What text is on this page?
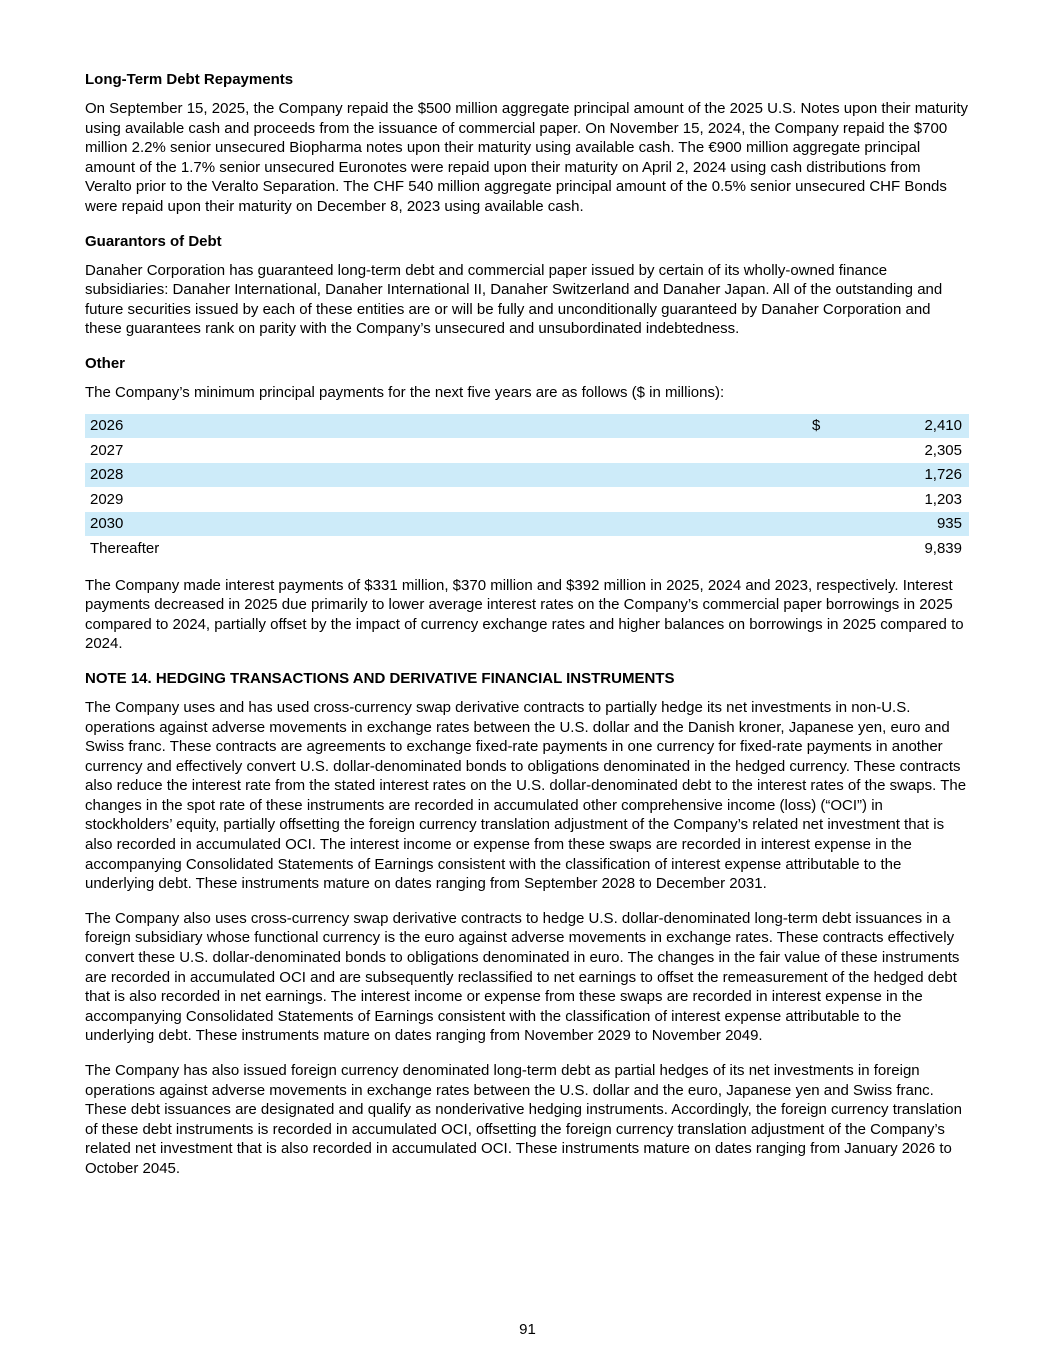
Long-Term Debt Repayments
On September 15, 2025, the Company repaid the $500 million aggregate principal amount of the 2025 U.S. Notes upon their maturity using available cash and proceeds from the issuance of commercial paper. On November 15, 2024, the Company repaid the $700 million 2.2% senior unsecured Biopharma notes upon their maturity using available cash. The €900 million aggregate principal amount of the 1.7% senior unsecured Euronotes were repaid upon their maturity on April 2, 2024 using cash distributions from Veralto prior to the Veralto Separation. The CHF 540 million aggregate principal amount of the 0.5% senior unsecured CHF Bonds were repaid upon their maturity on December 8, 2023 using available cash.
Guarantors of Debt
Danaher Corporation has guaranteed long-term debt and commercial paper issued by certain of its wholly-owned finance subsidiaries: Danaher International, Danaher International II, Danaher Switzerland and Danaher Japan. All of the outstanding and future securities issued by each of these entities are or will be fully and unconditionally guaranteed by Danaher Corporation and these guarantees rank on parity with the Company’s unsecured and unsubordinated indebtedness.
Other
The Company’s minimum principal payments for the next five years are as follows ($ in millions):
2026	$	2,410
2027		2,305
2028		1,726
2029		1,203
2030		935
Thereafter		9,839
The Company made interest payments of $331 million, $370 million and $392 million in 2025, 2024 and 2023, respectively. Interest payments decreased in 2025 due primarily to lower average interest rates on the Company’s commercial paper borrowings in 2025 compared to 2024, partially offset by the impact of currency exchange rates and higher balances on borrowings in 2025 compared to 2024.
NOTE 14. HEDGING TRANSACTIONS AND DERIVATIVE FINANCIAL INSTRUMENTS
The Company uses and has used cross-currency swap derivative contracts to partially hedge its net investments in non-U.S. operations against adverse movements in exchange rates between the U.S. dollar and the Danish kroner, Japanese yen, euro and Swiss franc. These contracts are agreements to exchange fixed-rate payments in one currency for fixed-rate payments in another currency and effectively convert U.S. dollar-denominated bonds to obligations denominated in the hedged currency. These contracts also reduce the interest rate from the stated interest rates on the U.S. dollar-denominated debt to the interest rates of the swaps. The changes in the spot rate of these instruments are recorded in accumulated other comprehensive income (loss) (“OCI”) in stockholders’ equity, partially offsetting the foreign currency translation adjustment of the Company’s related net investment that is also recorded in accumulated OCI. The interest income or expense from these swaps are recorded in interest expense in the accompanying Consolidated Statements of Earnings consistent with the classification of interest expense attributable to the underlying debt. These instruments mature on dates ranging from September 2028 to December 2031.
The Company also uses cross-currency swap derivative contracts to hedge U.S. dollar-denominated long-term debt issuances in a foreign subsidiary whose functional currency is the euro against adverse movements in exchange rates. These contracts effectively convert these U.S. dollar-denominated bonds to obligations denominated in euro. The changes in the fair value of these instruments are recorded in accumulated OCI and are subsequently reclassified to net earnings to offset the remeasurement of the hedged debt that is also recorded in net earnings. The interest income or expense from these swaps are recorded in interest expense in the accompanying Consolidated Statements of Earnings consistent with the classification of interest expense attributable to the underlying debt. These instruments mature on dates ranging from November 2029 to November 2049.
The Company has also issued foreign currency denominated long-term debt as partial hedges of its net investments in foreign operations against adverse movements in exchange rates between the U.S. dollar and the euro, Japanese yen and Swiss franc. These debt issuances are designated and qualify as nonderivative hedging instruments. Accordingly, the foreign currency translation of these debt instruments is recorded in accumulated OCI, offsetting the foreign currency translation adjustment of the Company’s related net investment that is also recorded in accumulated OCI. These instruments mature on dates ranging from January 2026 to October 2045.
91
